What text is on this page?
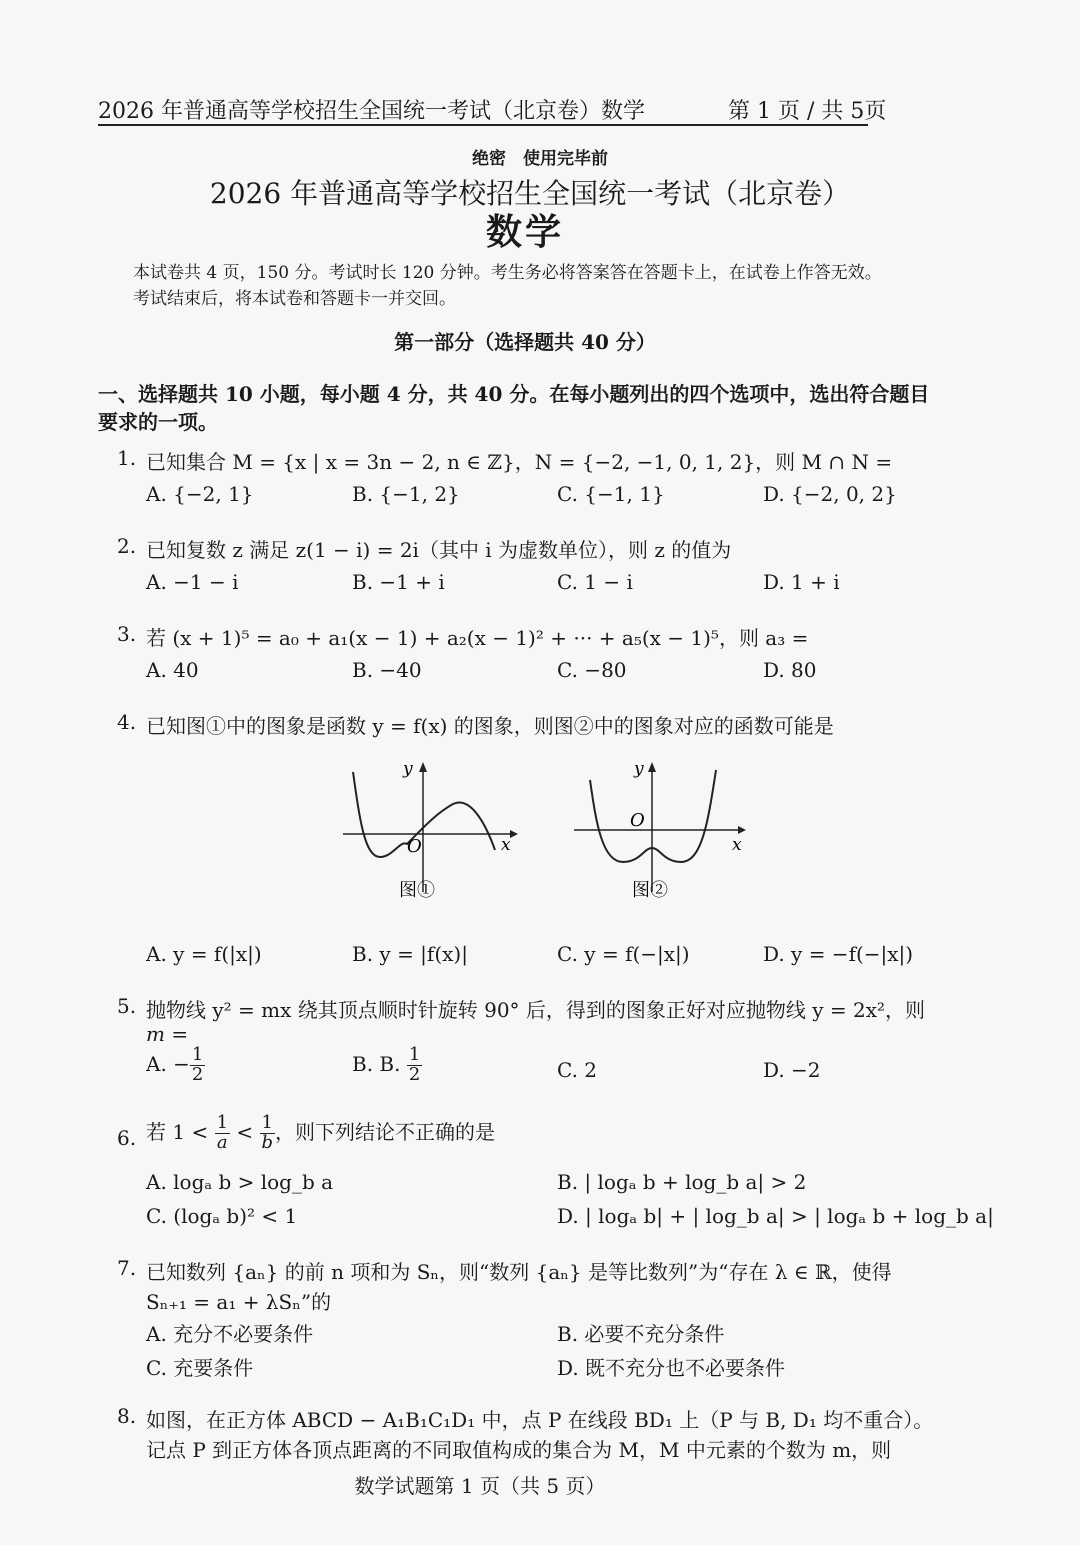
2026 年普通高等学校招生全国统一考试（北京卷）数学	第 1 页 / 共 5页
绝密　使用完毕前
2026 年普通高等学校招生全国统一考试（北京卷）
数学
本试卷共 4 页，150 分。考试时长 120 分钟。考生务必将答案答在答题卡上，在试卷上作答无效。
考试结束后，将本试卷和答题卡一并交回。
第一部分（选择题共 40 分）
一、选择题共 10 小题，每小题 4 分，共 40 分。在每小题列出的四个选项中，选出符合题目
要求的一项。
1. 已知集合 M = {x | x = 3n − 2, n ∈ ℤ}，N = {−2, −1, 0, 1, 2}，则 M ∩ N =
A. {−2, 1}	B. {−1, 2}	C. {−1, 1}	D. {−2, 0, 2}
2. 已知复数 z 满足 z(1 − i) = 2i（其中 i 为虚数单位），则 z 的值为
A. −1 − i	B. −1 + i	C. 1 − i	D. 1 + i
3. 若 (x + 1)⁵ = a₀ + a₁(x − 1) + a₂(x − 1)² + ··· + a₅(x − 1)⁵，则 a₃ =
A. 40	B. −40	C. −80	D. 80
4. 已知图①中的图象是函数 y = f(x) 的图象，则图②中的图象对应的函数可能是
O
y
x
图①
O
y
x
图②
A. y = f(|x|)	B. y = |f(x)|	C. y = f(−|x|)	D. y = −f(−|x|)
5. 抛物线 y² = mx 绕其顶点顺时针旋转 90° 后，得到的图象正好对应抛物线 y = 2x²，则
m =
A. − $\frac{1}{2}$	B. B. $\frac{1}{2}$	C. 2	D. −2
6. 若 $1 < \frac{1}{a} < \frac{1}{b}$ ，则下列结论不正确的是
A. logₐ b > log_b a	B. | logₐ b + log_b a| > 2
C. (logₐ b)² < 1	D. | logₐ b| + | log_b a| > | logₐ b + log_b a|
7. 已知数列 {aₙ} 的前 n 项和为 Sₙ，则“数列 {aₙ} 是等比数列”为“存在 λ ∈ ℝ，使得
Sₙ₊₁ = a₁ + λSₙ”的
A. 充分不必要条件	B. 必要不充分条件
C. 充要条件	D. 既不充分也不必要条件
8. 如图，在正方体 ABCD − A₁B₁C₁D₁ 中，点 P 在线段 BD₁ 上（P 与 B, D₁ 均不重合）。
记点 P 到正方体各顶点距离的不同取值构成的集合为 M，M 中元素的个数为 m，则
数学试题第 1 页（共 5 页）
